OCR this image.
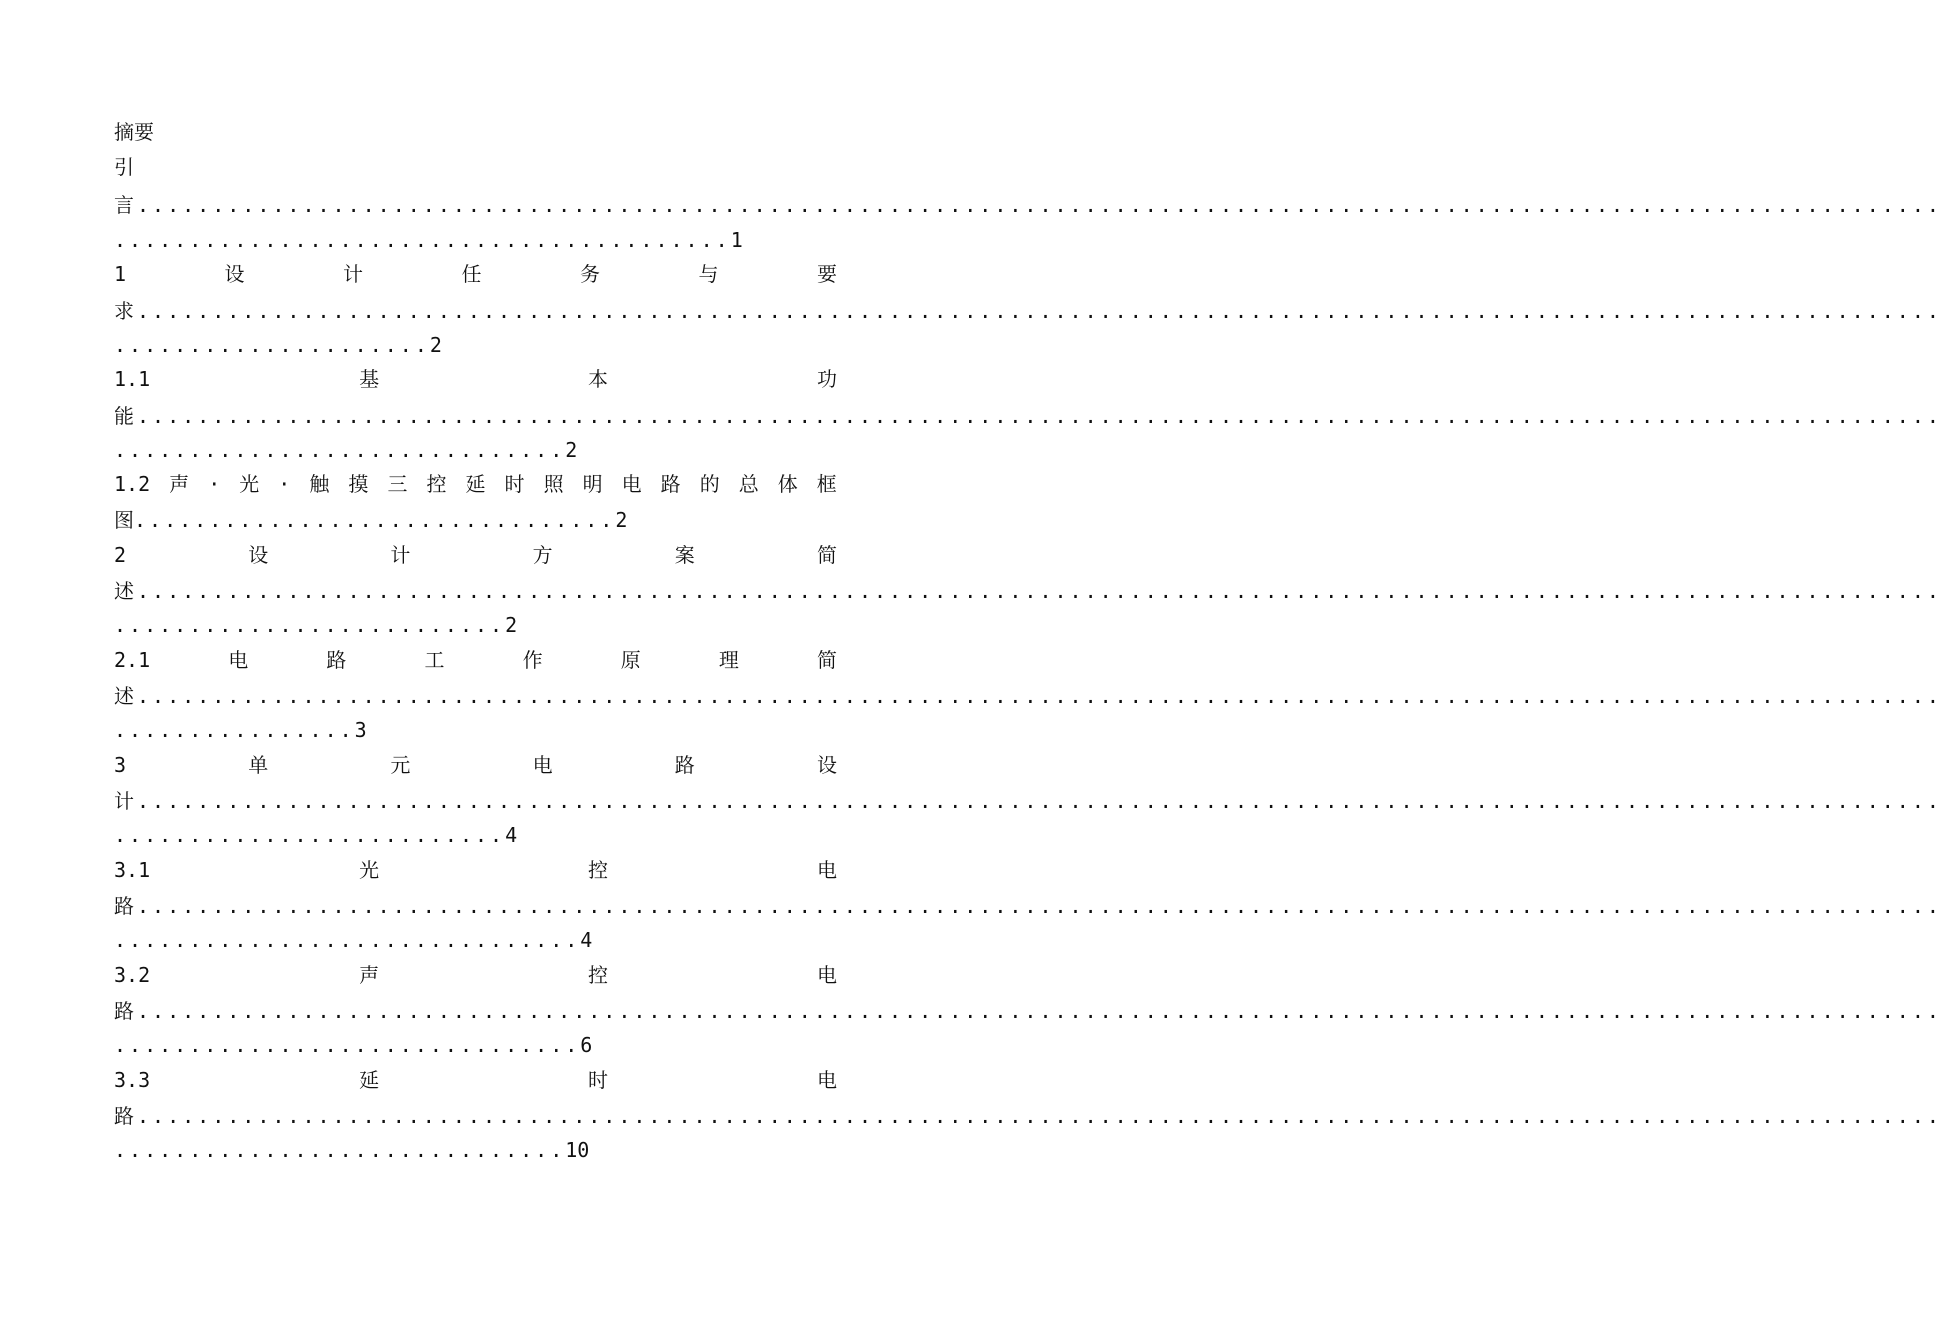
摘要
引
言 ........................................................................................................................
.........................................1
1	设	计	任	务	与	要
求 ........................................................................................................................
.....................2
1.1	基	本	功
能 ........................................................................................................................
..............................2
1.2 声 · 光 · 触 摸 三 控 延 时 照 明 电 路 的 总 体 框
图................................2
2	设	计	方	案	简
述 ........................................................................................................................
..........................2
2.1	电	路	工	作	原	理	简
述 ........................................................................................................................
................3
3	单	元	电	路	设
计 ........................................................................................................................
..........................4
3.1	光	控	电
路 ........................................................................................................................
...............................4
3.2	声	控	电
路 ........................................................................................................................
...............................6
3.3	延	时	电
路 ........................................................................................................................
..............................10
